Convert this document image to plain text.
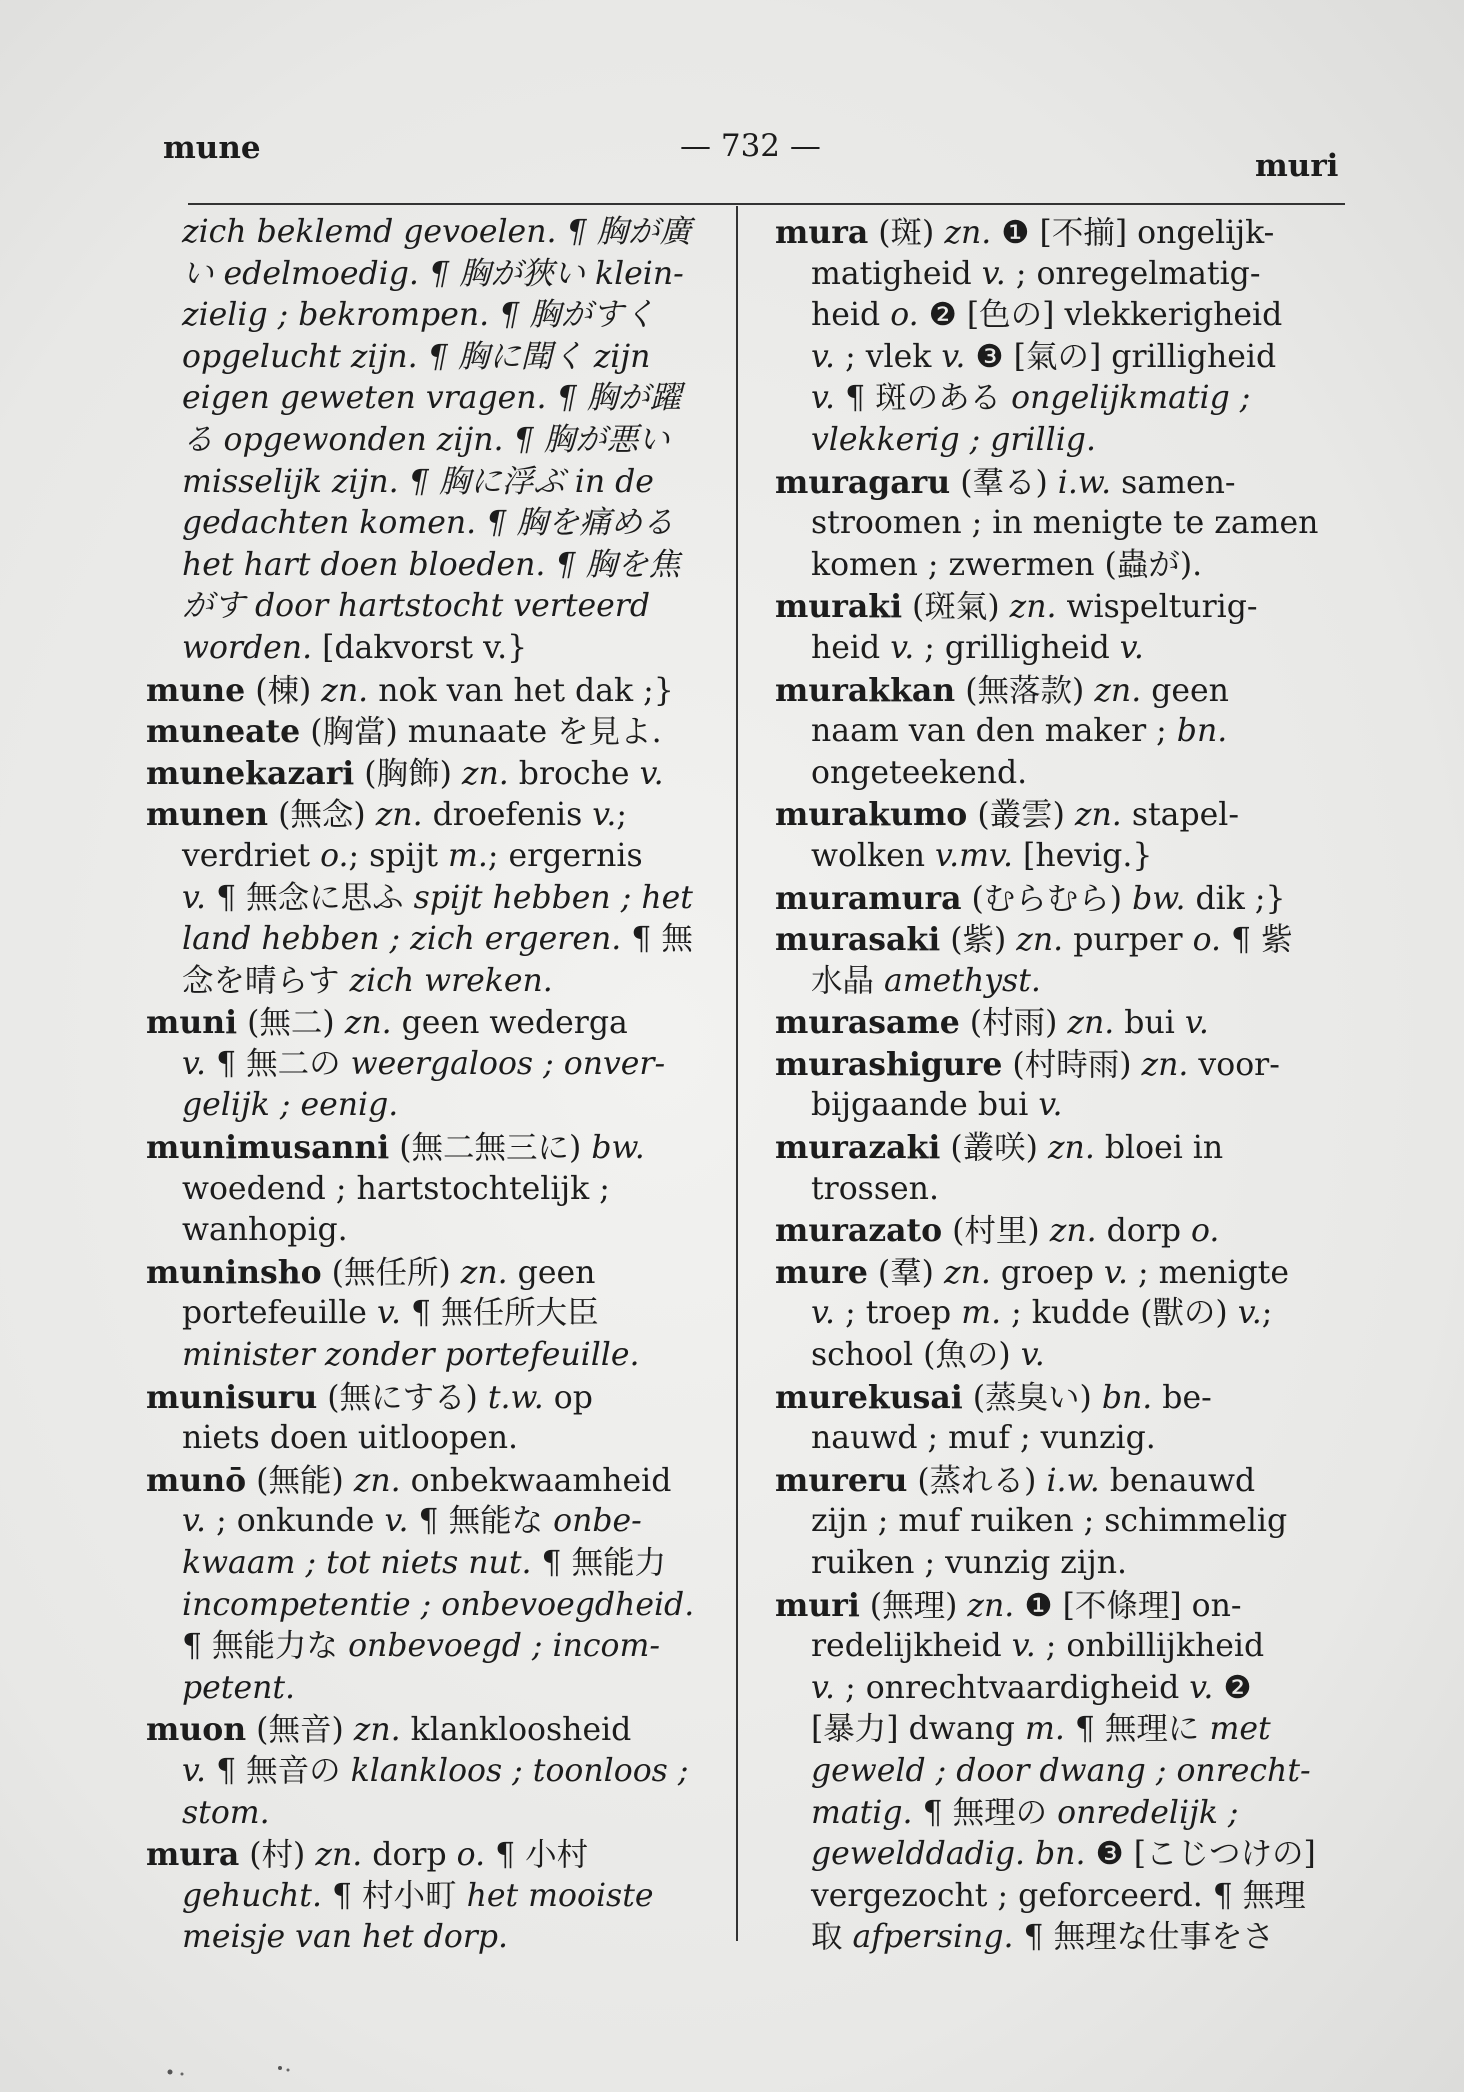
mune	— 732 —
muri
zich beklemd gevoelen. ¶ 胸が廣
い edelmoedig. ¶ 胸が狹い klein-
zielig ; bekrompen. ¶ 胸がすく
opgelucht zijn. ¶ 胸に聞く zijn
eigen geweten vragen. ¶ 胸が躍
る opgewonden zijn. ¶ 胸が悪い
misselijk zijn. ¶ 胸に浮ぶ in de
gedachten komen. ¶ 胸を痛める
het hart doen bloeden. ¶ 胸を焦
がす door hartstocht verteerd
worden. [dakvorst v.}
mune (棟) zn. nok van het dak ;}
muneate (胸當) munaate を見よ.
munekazari (胸飾) zn. broche v.
munen (無念) zn. droefenis v.;
verdriet o.; spijt m.; ergernis
v. ¶ 無念に思ふ spijt hebben ; het
land hebben ; zich ergeren. ¶ 無
念を晴らす zich wreken.
muni (無二) zn. geen wederga
v. ¶ 無二の weergaloos ; onver-
gelijk ; eenig.
munimusanni (無二無三に) bw.
woedend ; hartstochtelijk ;
wanhopig.
muninsho (無任所) zn. geen
portefeuille v. ¶ 無任所大臣
minister zonder portefeuille.
munisuru (無にする) t.w. op
niets doen uitloopen.
munō (無能) zn. onbekwaamheid
v. ; onkunde v. ¶ 無能な onbe-
kwaam ; tot niets nut. ¶ 無能力
incompetentie ; onbevoegdheid.
¶ 無能力な onbevoegd ; incom-
petent.
muon (無音) zn. klankloosheid
v. ¶ 無音の klankloos ; toonloos ;
stom.
mura (村) zn. dorp o. ¶ 小村
gehucht. ¶ 村小町 het mooiste
meisje van het dorp.
mura (斑) zn. ❶ [不揃] ongelijk-
matigheid v. ; onregelmatig-
heid o. ❷ [色の] vlekkerigheid
v. ; vlek v. ❸ [氣の] grilligheid
v. ¶ 斑のある ongelijkmatig ;
vlekkerig ; grillig.
muragaru (羣る) i.w. samen-
stroomen ; in menigte te zamen
komen ; zwermen (蟲が).
muraki (斑氣) zn. wispelturig-
heid v. ; grilligheid v.
murakkan (無落款) zn. geen
naam van den maker ; bn.
ongeteekend.
murakumo (叢雲) zn. stapel-
wolken v.mv. [hevig.}
muramura (むらむら) bw. dik ;}
murasaki (紫) zn. purper o. ¶ 紫
水晶 amethyst.
murasame (村雨) zn. bui v.
murashigure (村時雨) zn. voor-
bijgaande bui v.
murazaki (叢咲) zn. bloei in
trossen.
murazato (村里) zn. dorp o.
mure (羣) zn. groep v. ; menigte
v. ; troep m. ; kudde (獸の) v.;
school (魚の) v.
murekusai (蒸臭い) bn. be-
nauwd ; muf ; vunzig.
mureru (蒸れる) i.w. benauwd
zijn ; muf ruiken ; schimmelig
ruiken ; vunzig zijn.
muri (無理) zn. ❶ [不條理] on-
redelijkheid v. ; onbillijkheid
v. ; onrechtvaardigheid v. ❷
[暴力] dwang m. ¶ 無理に met
geweld ; door dwang ; onrecht-
matig. ¶ 無理の onredelijk ;
gewelddadig. bn. ❸ [こじつけの]
vergezocht ; geforceerd. ¶ 無理
取 afpersing. ¶ 無理な仕事をさ
